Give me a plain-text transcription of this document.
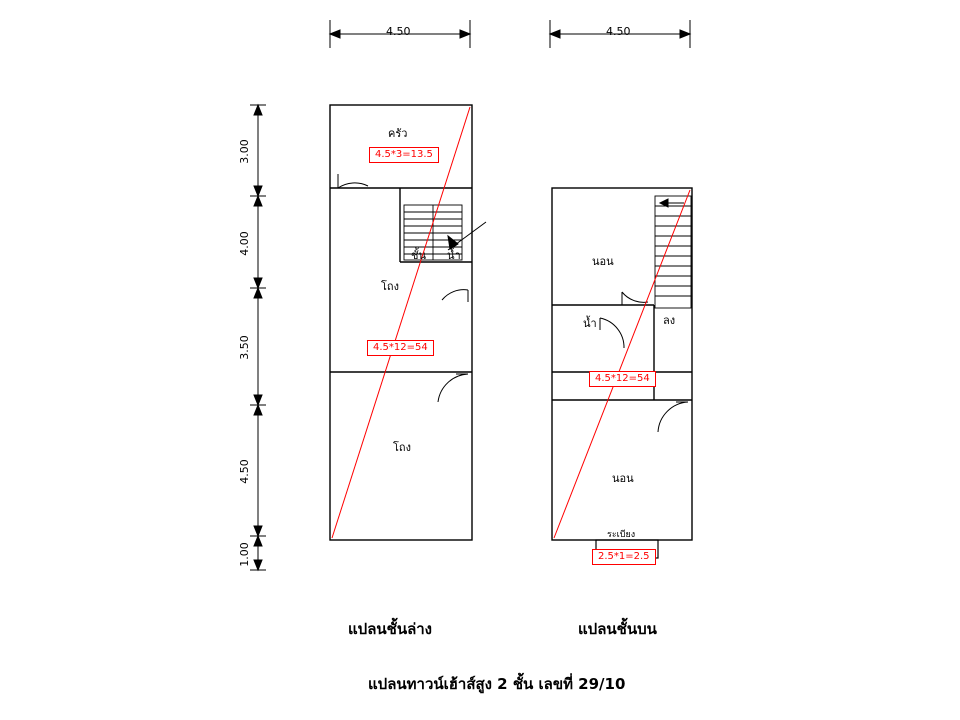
4.50	4.50
3.00
4.00
3.50
4.50
1.00
ครัว
ชั้น น้ำ
โถง
โถง
4.5*3=13.5
4.5*12=54
นอน
น้ำ	ลง
นอน
ระเบียง
4.5*12=54
2.5*1=2.5
แปลนชั้นล่าง	แปลนชั้นบน
แปลนทาวน์เฮ้าส์สูง 2 ชั้น เลขที่ 29/10
